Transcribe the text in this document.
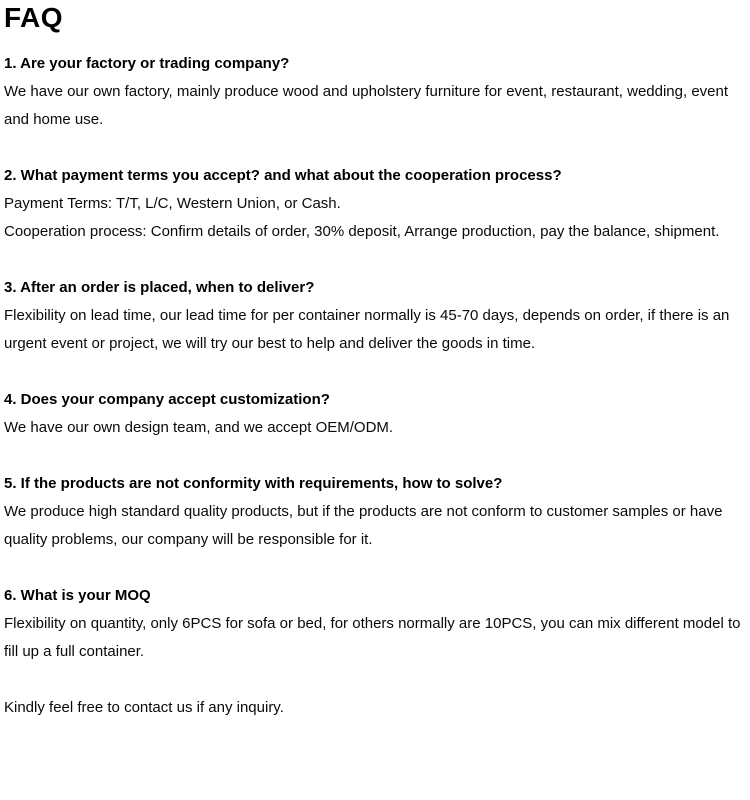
FAQ

1. Are your factory or trading company?

We have our own factory, mainly produce wood and upholstery furniture for event, restaurant, wedding, event and home use.

2. What payment terms you accept? and what about the cooperation process?

Payment Terms: T/T, L/C, Western Union, or Cash.

Cooperation process: Confirm details of order, 30% deposit, Arrange production, pay the balance, shipment.

3. After an order is placed, when to deliver?

Flexibility on lead time, our lead time for per container normally is 45-70 days, depends on order, if there is an urgent event or project, we will try our best to help and deliver the goods in time.

4. Does your company accept customization?

We have our own design team, and we accept OEM/ODM.

5. If the products are not conformity with requirements, how to solve?

We produce high standard quality products, but if the products are not conform to customer samples or have quality problems, our company will be responsible for it.

6. What is your MOQ

Flexibility on quantity, only 6PCS for sofa or bed, for others normally are 10PCS, you can mix different model to fill up a full container.

Kindly feel free to contact us if any inquiry.
